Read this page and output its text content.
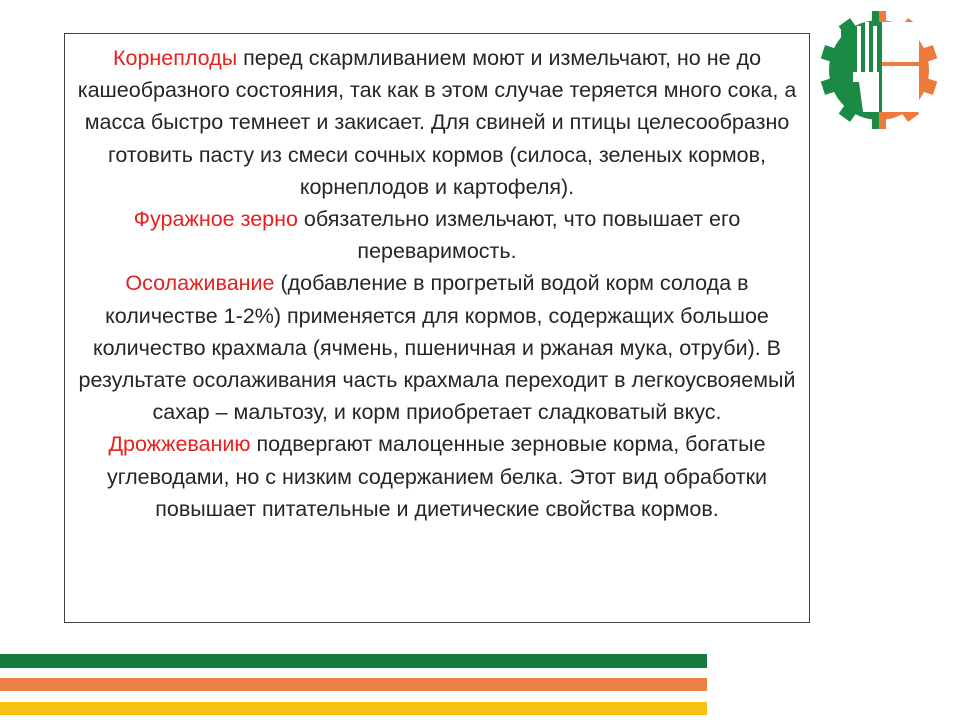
Корнеплоды перед скармливанием моют и измельчают, но не до кашеобразного состояния, так как в этом случае теряется много сока, а масса быстро темнеет и закисает. Для свиней и птицы целесообразно готовить пасту из смеси сочных кормов (силоса, зеленых кормов, корнеплодов и картофеля).

Фуражное зерно обязательно измельчают, что повышает его переваримость.

Осолаживание (добавление в прогретый водой корм солода в количестве 1-2%) применяется для кормов, содержащих большое количество крахмала (ячмень, пшеничная и ржаная мука, отруби). В результате осолаживания часть крахмала переходит в легкоусвояемый сахар – мальтозу, и корм приобретает сладковатый вкус.

Дрожжеванию подвергают малоценные зерновые корма, богатые углеводами, но с низким содержанием белка. Этот вид обработки повышает питательные и диетические свойства кормов.
